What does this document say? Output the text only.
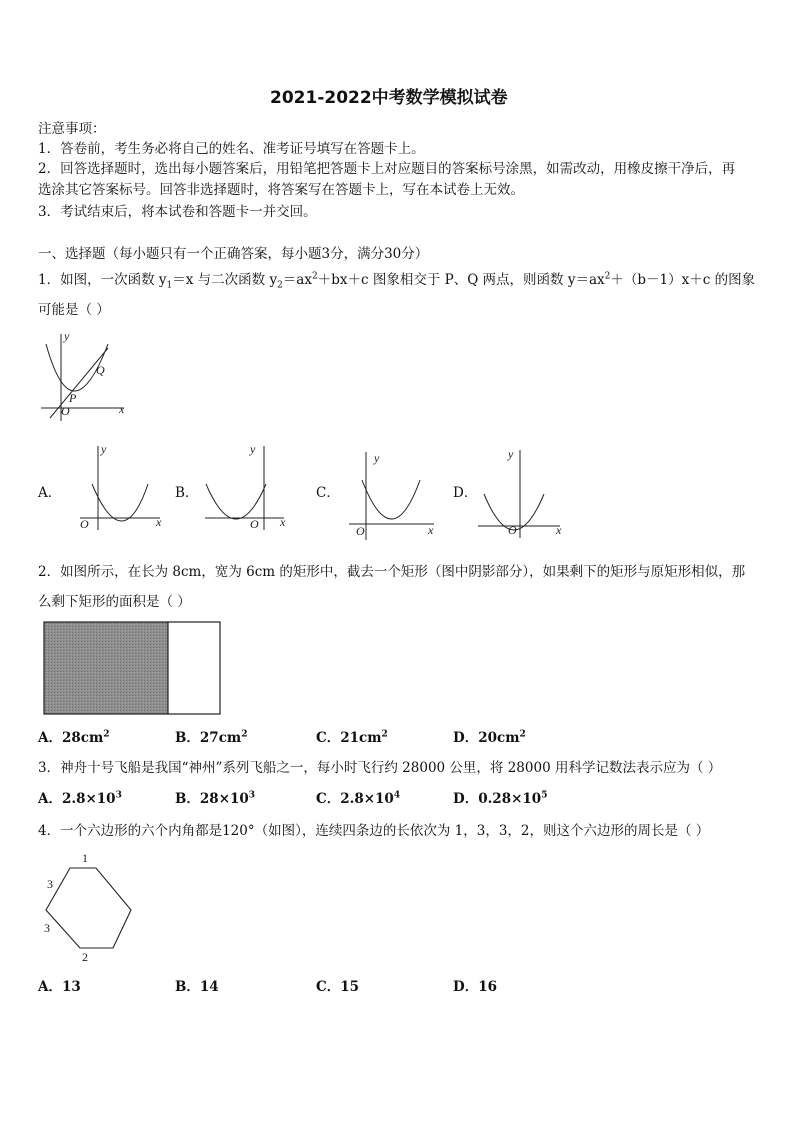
2021-2022中考数学模拟试卷
注意事项：
1．答卷前，考生务必将自己的姓名、准考证号填写在答题卡上。
2．回答选择题时，选出每小题答案后，用铅笔把答题卡上对应题目的答案标号涂黑，如需改动，用橡皮擦干净后，再
选涂其它答案标号。回答非选择题时，将答案写在答题卡上，写在本试卷上无效。
3．考试结束后，将本试卷和答题卡一并交回。
一、选择题（每小题只有一个正确答案，每小题3分，满分30分）
1．如图，一次函数 $y_1=x$ 与二次函数 $y_2=ax^2+bx+c$ 图象相交于 P、Q 两点，则函数 $y=ax^2+(b-1)x+c$ 的图象
可能是（ ）
y
x
O
P
Q
A．
y
x
O
B．
y
x
O
C．
y
x
O
D．
y
x
O
2．如图所示，在长为 8cm，宽为 6cm 的矩形中，截去一个矩形（图中阴影部分），如果剩下的矩形与原矩形相似，那
么剩下矩形的面积是（ ）
A．$28cm^2$	B．$27cm^2$	C．$21cm^2$	D．$20cm^2$
3．神舟十号飞船是我国“神州”系列飞船之一，每小时飞行约 28000 公里，将 28000 用科学记数法表示应为（ ）
A．$2.8\times 10^3$	B．$28\times 10^3$	C．$2.8\times 10^4$	D．$0.28\times 10^5$
4．一个六边形的六个内角都是120°（如图），连续四条边的长依次为 1，3，3，2，则这个六边形的周长是（ ）
1
3
3
2
A．13	B．14	C．15	D．16
